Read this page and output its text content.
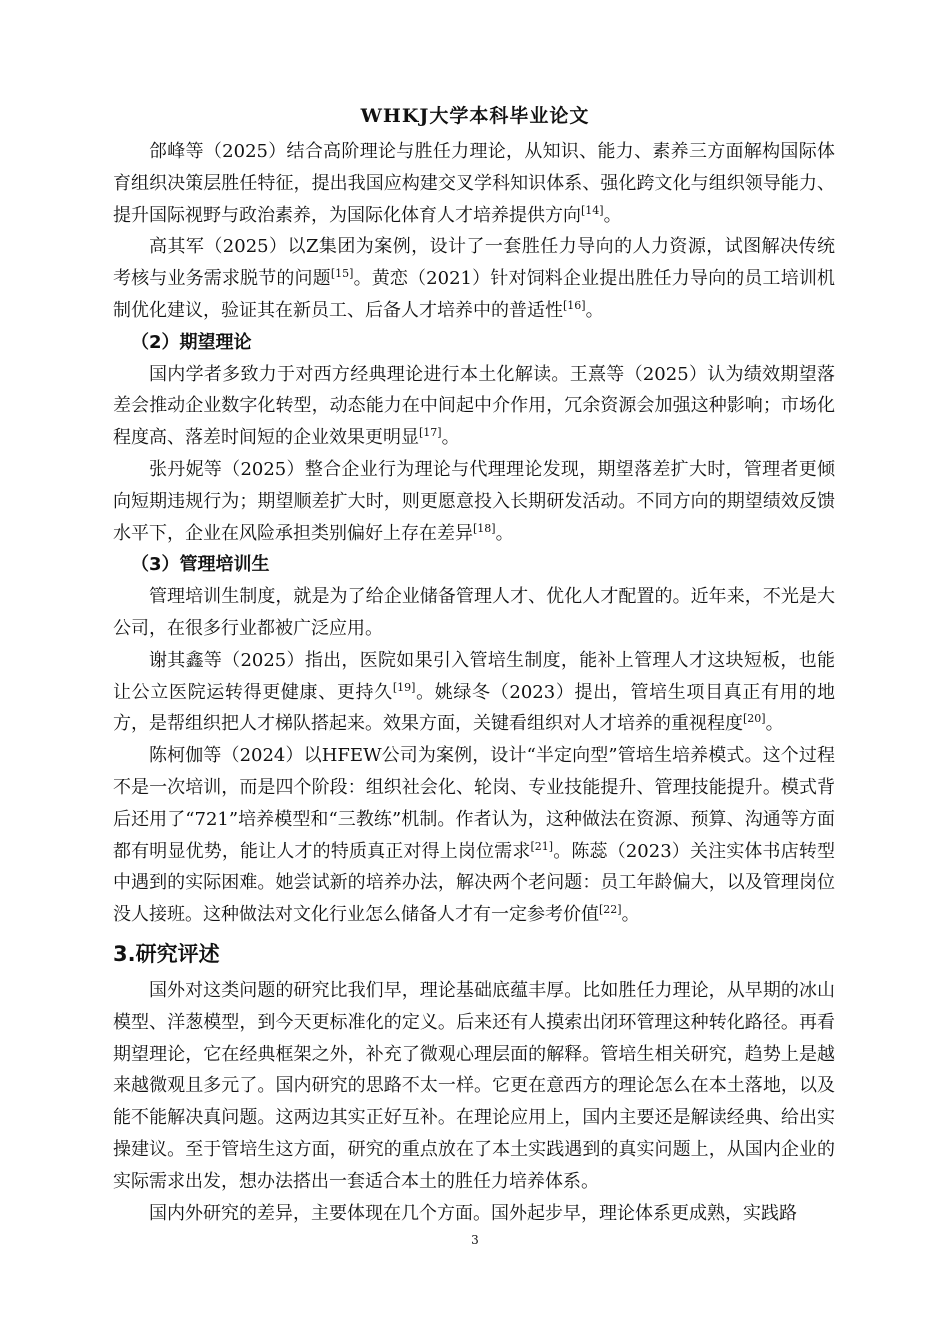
WHKJ大学本科毕业论文

郃峰等（2025）结合高阶理论与胜任力理论，从知识、能力、素养三方面解构国际体育组织决策层胜任特征，提出我国应构建交叉学科知识体系、强化跨文化与组织领导能力、提升国际视野与政治素养，为国际化体育人才培养提供方向[14]。

高其军（2025）以Z集团为案例，设计了一套胜任力导向的人力资源，试图解决传统考核与业务需求脱节的问题[15]。黄恋（2021）针对饲料企业提出胜任力导向的员工培训机制优化建议，验证其在新员工、后备人才培养中的普适性[16]。

（2）期望理论

国内学者多致力于对西方经典理论进行本土化解读。王熹等（2025）认为绩效期望落差会推动企业数字化转型，动态能力在中间起中介作用，冗余资源会加强这种影响；市场化程度高、落差时间短的企业效果更明显[17]。

张丹妮等（2025）整合企业行为理论与代理理论发现，期望落差扩大时，管理者更倾向短期违规行为；期望顺差扩大时，则更愿意投入长期研发活动。不同方向的期望绩效反馈水平下，企业在风险承担类别偏好上存在差异[18]。

（3）管理培训生

管理培训生制度，就是为了给企业储备管理人才、优化人才配置的。近年来，不光是大公司，在很多行业都被广泛应用。

谢其鑫等（2025）指出，医院如果引入管培生制度，能补上管理人才这块短板，也能让公立医院运转得更健康、更持久[19]。姚绿冬（2023）提出，管培生项目真正有用的地方，是帮组织把人才梯队搭起来。效果方面，关键看组织对人才培养的重视程度[20]。

陈柯伽等（2024）以HFEW公司为案例，设计“半定向型”管培生培养模式。这个过程不是一次培训，而是四个阶段：组织社会化、轮岗、专业技能提升、管理技能提升。模式背后还用了“721”培养模型和“三教练”机制。作者认为，这种做法在资源、预算、沟通等方面都有明显优势，能让人才的特质真正对得上岗位需求[21]。陈蕊（2023）关注实体书店转型中遇到的实际困难。她尝试新的培养办法，解决两个老问题：员工年龄偏大，以及管理岗位没人接班。这种做法对文化行业怎么储备人才有一定参考价值[22]。

3.研究评述

国外对这类问题的研究比我们早，理论基础底蕴丰厚。比如胜任力理论，从早期的冰山模型、洋葱模型，到今天更标准化的定义。后来还有人摸索出闭环管理这种转化路径。再看期望理论，它在经典框架之外，补充了微观心理层面的解释。管培生相关研究，趋势上是越来越微观且多元了。国内研究的思路不太一样。它更在意西方的理论怎么在本土落地，以及能不能解决真问题。这两边其实正好互补。在理论应用上，国内主要还是解读经典、给出实操建议。至于管培生这方面，研究的重点放在了本土实践遇到的真实问题上，从国内企业的实际需求出发，想办法搭出一套适合本土的胜任力培养体系。

国内外研究的差异，主要体现在几个方面。国外起步早，理论体系更成熟，实践路

3
